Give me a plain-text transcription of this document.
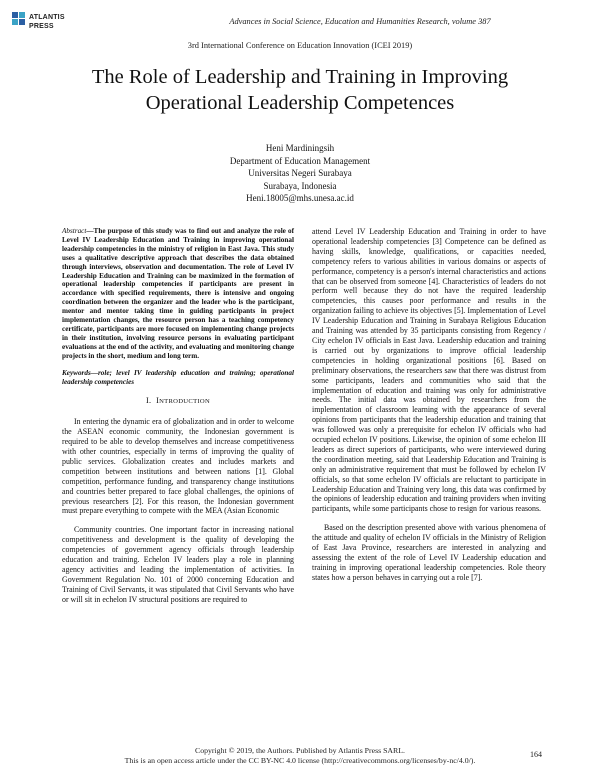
ATLANTIS
PRESS
Advances in Social Science, Education and Humanities Research, volume 387
3rd International Conference on Education Innovation (ICEI 2019)
The Role of Leadership and Training in Improving
Operational Leadership Competences
Heni Mardiningsih
Department of Education Management
Universitas Negeri Surabaya
Surabaya, Indonesia
Heni.18005@mhs.unesa.ac.id

Abstract—The purpose of this study was to find out and analyze the role of Level IV Leadership Education and Training in improving operational leadership competencies in the ministry of religion in East Java. This study uses a qualitative descriptive approach that describes the data obtained through interviews, observation and documentation. The role of Level IV Leadership Education and Training can be maximized in the formation of operational leadership competencies if participants are present in accordance with specified requirements, there is intensive and ongoing coordination between the organizer and the leader who is the participant, mentor and mentor taking time in guiding participants in project implementation changes, the resource person has a teaching competency certificate, participants are more focused on implementing change projects in their institution, involving resource persons in evaluating participant evaluations at the end of the activity, and evaluating and monitoring change projects in the short, medium and long term.

Keywords—role; level IV leadership education and training; operational leadership competencies

I. INTRODUCTION

In entering the dynamic era of globalization and in order to welcome the ASEAN economic community, the Indonesian government is required to be able to develop themselves and increase competitiveness with other countries, especially in terms of improving the quality of public services. Globalization creates and includes markets and competition between institutions and between nations [1]. Global competition, performance funding, and transparency change institutions and countries better prepared to face global challenges, the opinions of previous researchers [2]. For this reason, the Indonesian government must prepare everything to compete with the MEA (Asian Economic

Community countries. One important factor in increasing national competitiveness and development is the quality of developing the competencies of government agency officials through leadership education and training. Echelon IV leaders play a role in planning agency activities and leading the implementation of activities. In Government Regulation No. 101 of 2000 concerning Education and Training of Civil Servants, it was stipulated that Civil Servants who have or will sit in echelon IV structural positions are required to

attend Level IV Leadership Education and Training in order to have operational leadership competencies [3] Competence can be defined as having skills, knowledge, qualifications, or capacities needed, competency refers to various abilities in various domains or aspects of performance, competency is a person's internal characteristics and actions that can be observed from someone [4]. Characteristics of leaders do not perform well because they do not have the required leadership competencies, this causes poor performance and results in the organization failing to achieve its objectives [5]. Implementation of Level IV Leadership Education and Training in Surabaya Religious Education and Training was attended by 35 participants consisting from Regency / City echelon IV officials in East Java. Leadership education and training is carried out by organizations to improve official leadership competencies in holding organizational positions [6]. Based on preliminary observations, the researchers saw that there was distrust from some participants, leaders and communities who said that the implementation of education and training was only for administrative needs. The initial data was obtained by researchers from the implementation of classroom learning with the appearance of several opinions from participants that the leadership education and training that was followed was only a prerequisite for echelon IV officials who had occupied echelon IV positions. Likewise, the opinion of some echelon III leaders as direct superiors of participants, who were interviewed during the coordination meeting, said that Leadership Education and Training is only an administrative requirement that must be followed by echelon IV officials, so that some echelon IV officials are reluctant to participate in Leadership Education and Training very long, this data was confirmed by the opinions of leadership education and training providers when inviting participants, while some participants chose to resign for various reasons.

Based on the description presented above with various phenomena of the attitude and quality of echelon IV officials in the Ministry of Religion of East Java Province, researchers are interested in analyzing and assessing the extent of the role of Level IV Leadership education and training in improving operational leadership competencies. Role theory states how a person behaves in carrying out a role [7].

Copyright © 2019, the Authors. Published by Atlantis Press SARL.
This is an open access article under the CC BY-NC 4.0 license (http://creativecommons.org/licenses/by-nc/4.0/).
164
